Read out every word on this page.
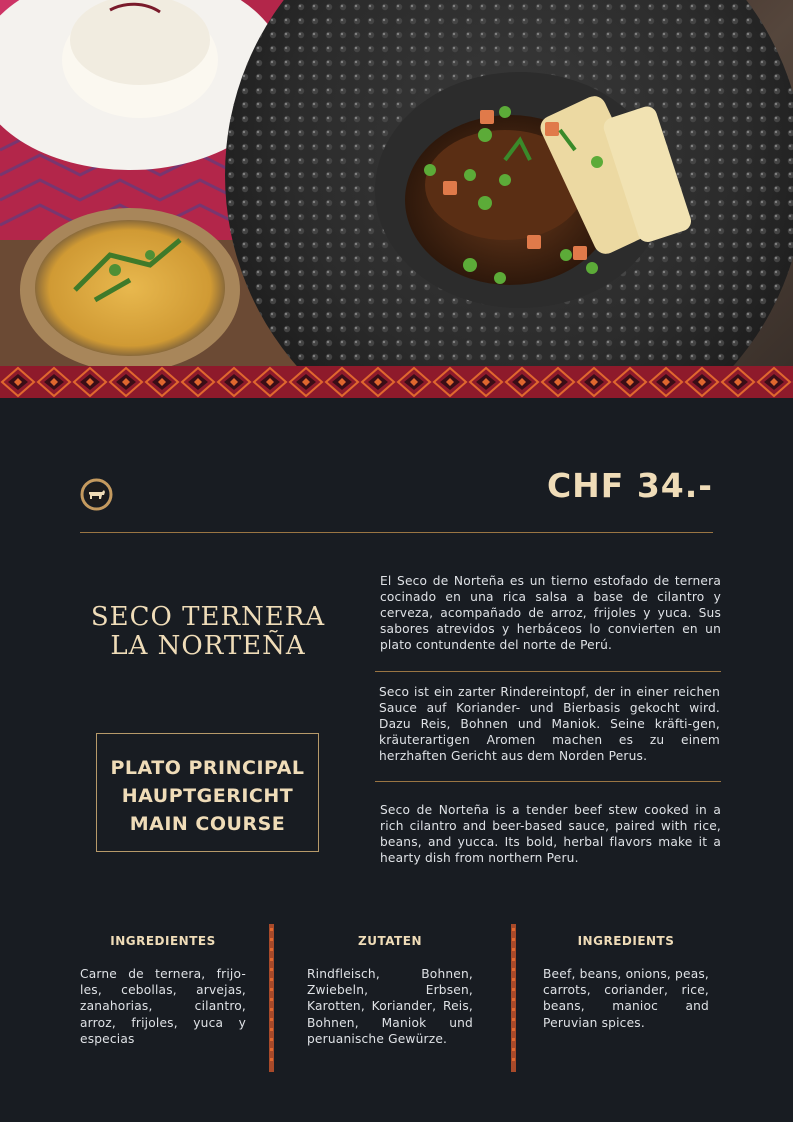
CHF 34.-
SECO TERNERA
LA NORTEÑA
PLATO PRINCIPAL
HAUPTGERICHT
MAIN COURSE
El Seco de Norteña es un tierno estofado de ternera cocinado en una rica salsa a base de cilantro y cerveza, acompañado de arroz, frijoles y yuca. Sus sabores atrevidos y herbáceos lo convierten en un plato contundente del norte de Perú.
Seco ist ein zarter Rindereintopf, der in einer reichen Sauce auf Koriander- und Bierbasis gekocht wird. Dazu Reis, Bohnen und Maniok. Seine kräfti-gen, kräuterartigen Aromen machen es zu einem herzhaften Gericht aus dem Norden Perus.
Seco de Norteña is a tender beef stew cooked in a rich cilantro and beer-based sauce, paired with rice, beans, and yucca. Its bold, herbal flavors make it a hearty dish from northern Peru.
INGREDIENTES
Carne de ternera, frijo-les, cebollas, arvejas, zanahorias, cilantro, arroz, frijoles, yuca y especias
ZUTATEN
Rindfleisch, Bohnen, Zwiebeln, Erbsen, Karotten, Koriander, Reis, Bohnen, Maniok und peruanische Gewürze.
INGREDIENTS
Beef, beans, onions, peas, carrots, coriander, rice, beans, manioc and Peruvian spices.
